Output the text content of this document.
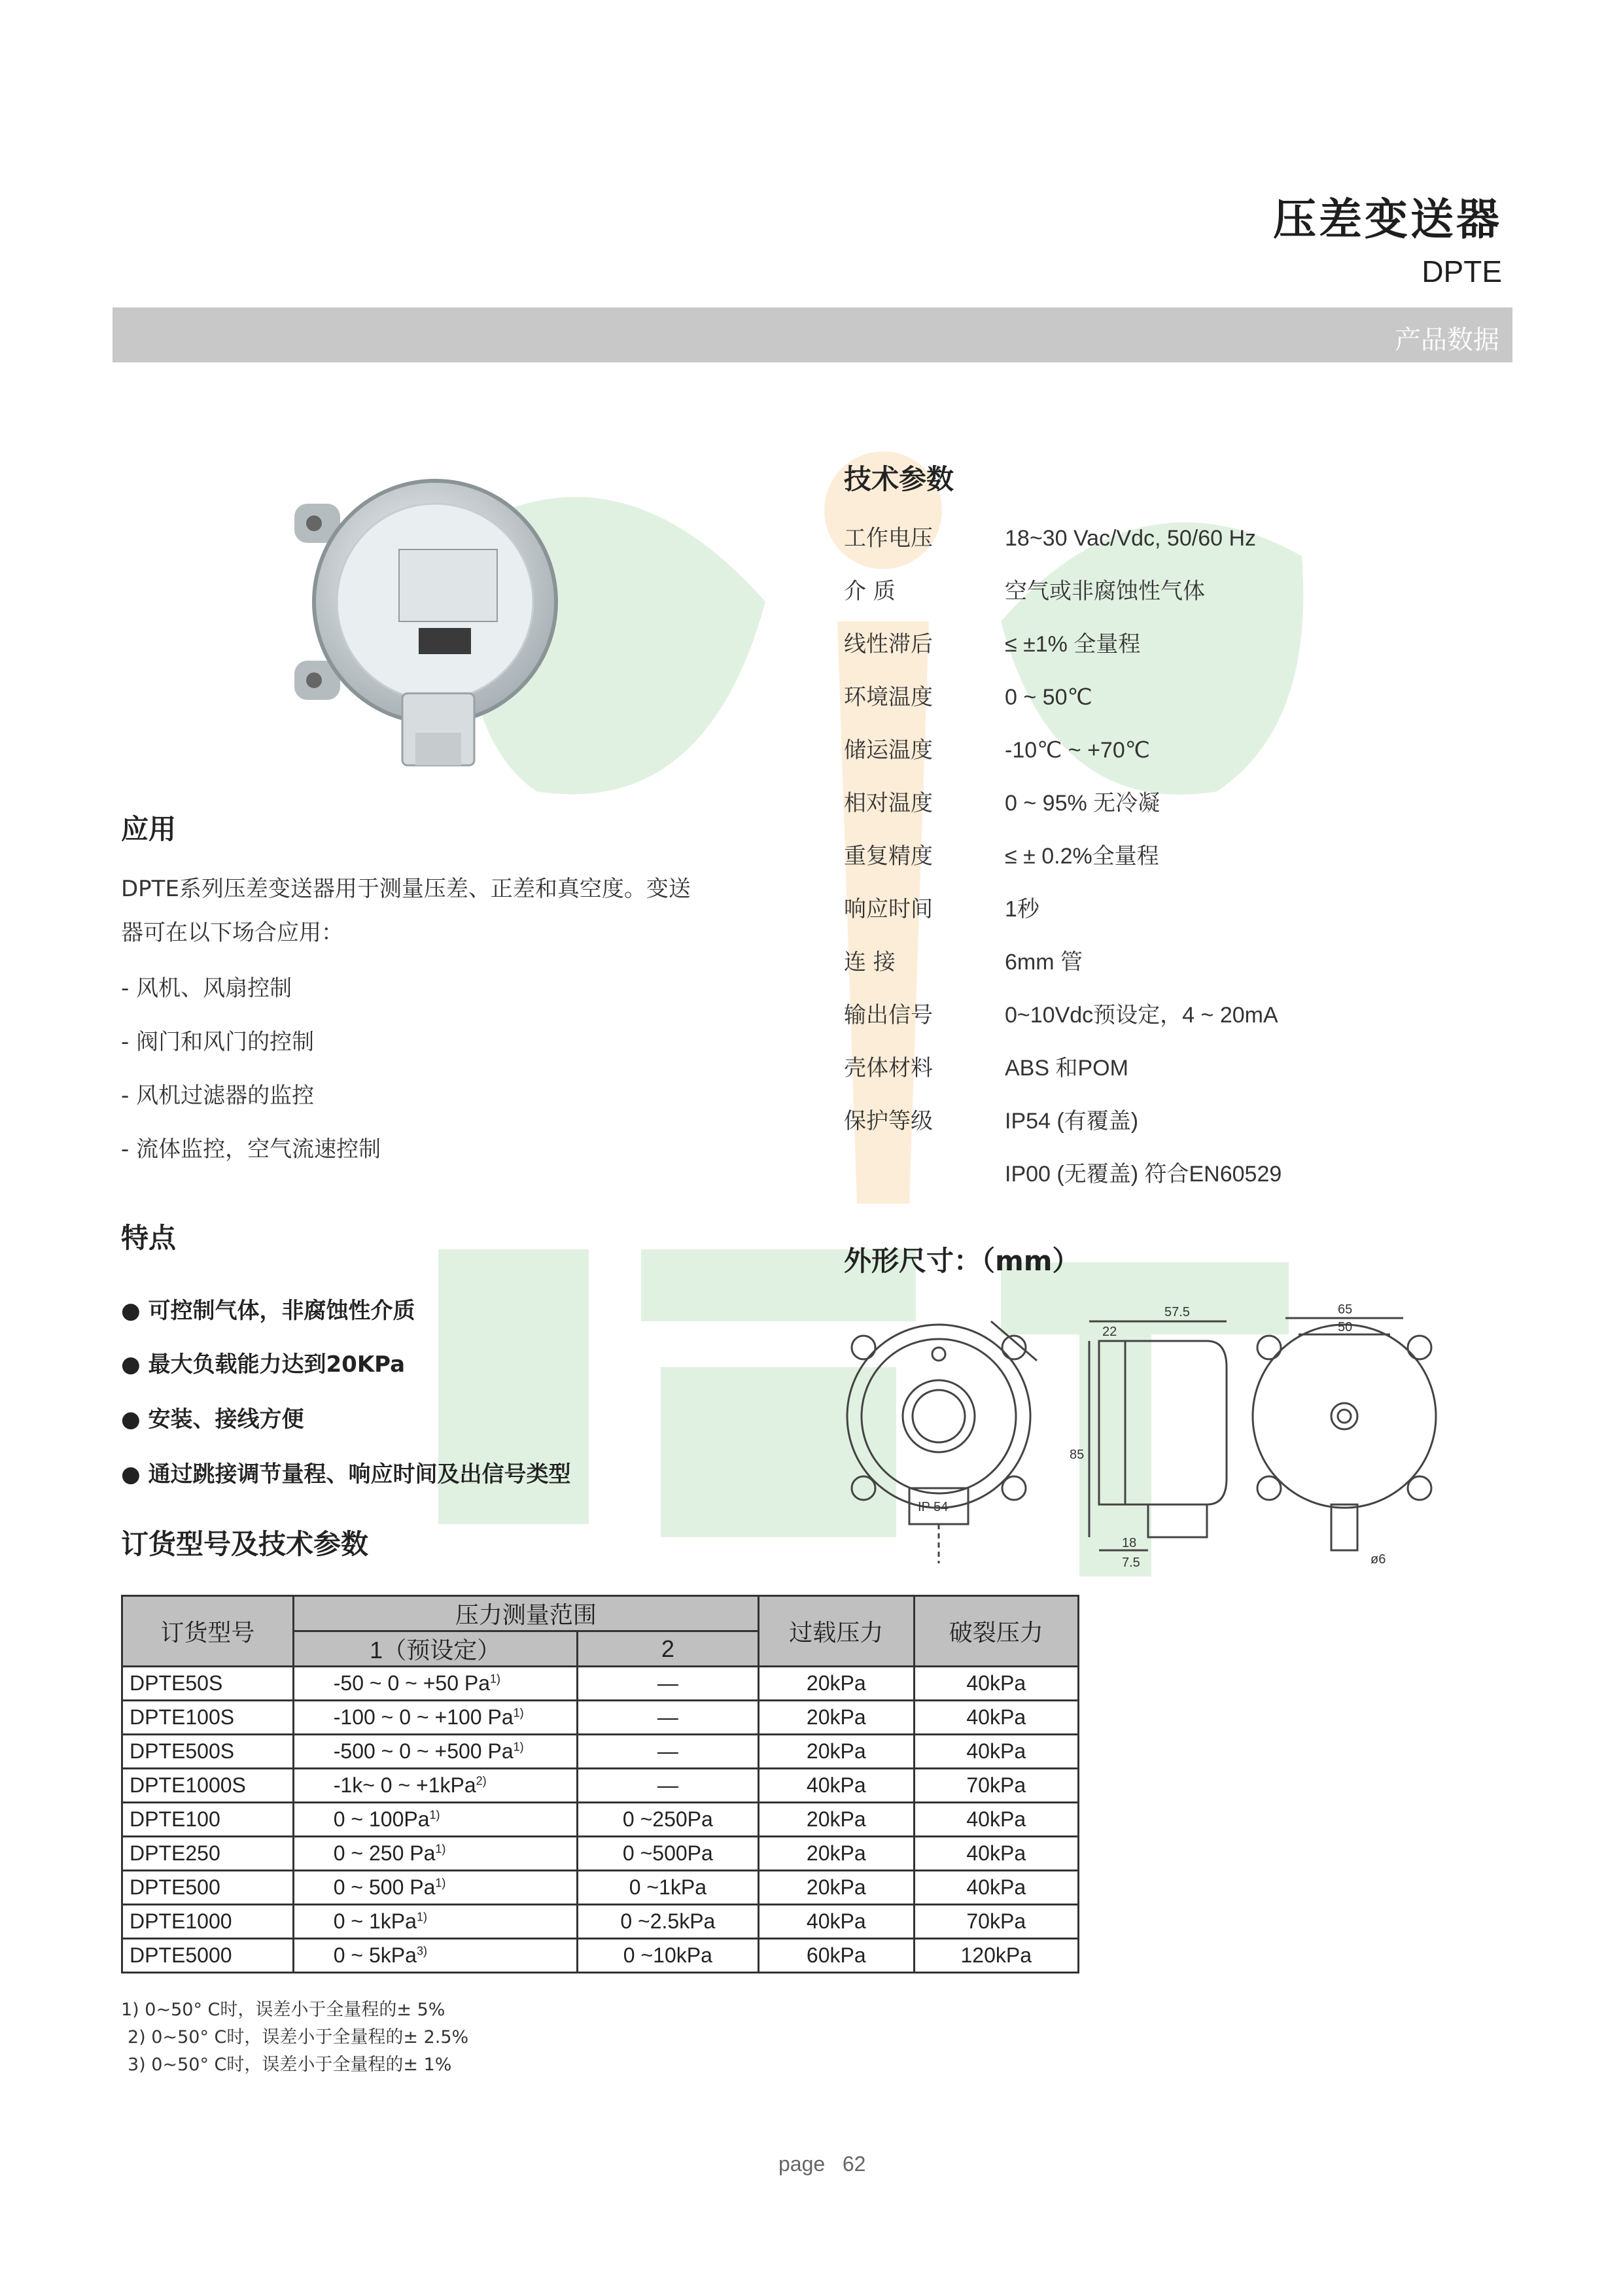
压差变送器
DPTE
产品数据
应用
DPTE系列压差变送器用于测量压差、正差和真空度。变送
器可在以下场合应用：
- 风机、风扇控制
- 阀门和风门的控制
- 风机过滤器的监控
- 流体监控，空气流速控制
特点
● 可控制气体，非腐蚀性介质
● 最大负载能力达到20KPa
● 安装、接线方便
● 通过跳接调节量程、响应时间及出信号类型
技术参数
工作电压	18~30 Vac/Vdc, 50/60 Hz
介 质	空气或非腐蚀性气体
线性滞后	≤ ±1% 全量程
环境温度	0 ~ 50℃
储运温度	-10℃ ~ +70℃
相对温度	0 ~ 95% 无冷凝
重复精度	≤ ± 0.2%全量程
响应时间	1秒
连 接	6mm 管
输出信号	0~10Vdc预设定，4 ~ 20mA
壳体材料	ABS 和POM
保护等级	IP54 (有覆盖)
IP00 (无覆盖) 符合EN60529
外形尺寸：（mm）
57.5
22
65
50
18
7.5
85
ø6
IP 54
订货型号及技术参数
订货型号	压力测量范围		过载压力	破裂压力
	1（预设定）	2		
DPTE50S	-50 ~ 0 ~ +50 Pa$^{1)}$	—	20kPa	40kPa
DPTE100S	-100 ~ 0 ~ +100 Pa$^{1)}$	—	20kPa	40kPa
DPTE500S	-500 ~ 0 ~ +500 Pa$^{1)}$	—	20kPa	40kPa
DPTE1000S	-1k~ 0 ~ +1kPa$^{2)}$	—	40kPa	70kPa
DPTE100	0 ~ 100Pa$^{1)}$	0 ~250Pa	20kPa	40kPa
DPTE250	0 ~ 250 Pa$^{1)}$	0 ~500Pa	20kPa	40kPa
DPTE500	0 ~ 500 Pa$^{1)}$	0 ~1kPa	20kPa	40kPa
DPTE1000	0 ~ 1kPa$^{1)}$	0 ~2.5kPa	40kPa	70kPa
DPTE5000	0 ~ 5kPa$^{3)}$	0 ~10kPa	60kPa	120kPa
1) 0~50° C时，误差小于全量程的± 5%
2) 0~50° C时，误差小于全量程的± 2.5%
3) 0~50° C时，误差小于全量程的± 1%
page 62
